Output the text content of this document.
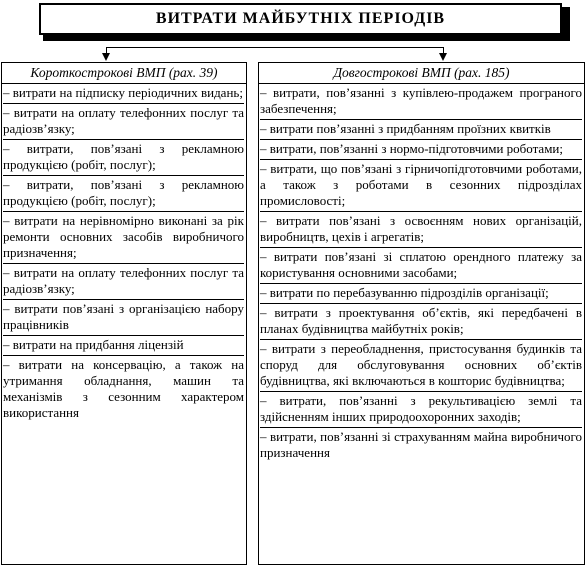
ВИТРАТИ МАЙБУТНІХ ПЕРІОДІВ
Короткострокові ВМП (рах. 39)
– витрати на підписку періодичних видань;
– витрати на оплату телефонних послуг та радіозв’язку;
– витрати, пов’язані з рекламною продукцією (робіт, послуг);
– витрати, пов’язані з рекламною продукцією (робіт, послуг);
– витрати на нерівномірно виконані за рік ремонти основних засобів виробничого призначення;
– витрати на оплату телефонних послуг та радіозв’язку;
– витрати пов’язані з організацією набору працівників
– витрати на придбання ліцензій
– витрати на консервацію, а також на утримання обладнання, машин та механізмів з сезонним характером використання
Довгострокові ВМП (рах. 185)
– витрати, пов’язанні з купівлею-продажем програного забезпечення;
– витрати пов’язанні з придбанням проїзних квитків
– витрати, пов’язанні з нормо-підготовчими роботами;
– витрати, що пов’язані з гірничопідготовчими роботами, а також з роботами в сезонних підрозділах промисловості;
– витрати пов’язані з освоєнням нових організацій, виробництв, цехів і агрегатів;
– витрати пов’язані зі сплатою орендного платежу за користування основними засобами;
– витрати по перебазуванню підрозділів організації;
– витрати з проектування об’єктів, які передбачені в планах будівництва майбутніх років;
– витрати з переобладнення, пристосування будинків та споруд для обслуговування основних об’єктів будівництва, які включаються в кошторис будівництва;
– витрати, пов’язанні з рекультивацією землі та здійсненням інших природоохоронних заходів;
– витрати, пов’язанні зі страхуванням майна виробничого призначення
